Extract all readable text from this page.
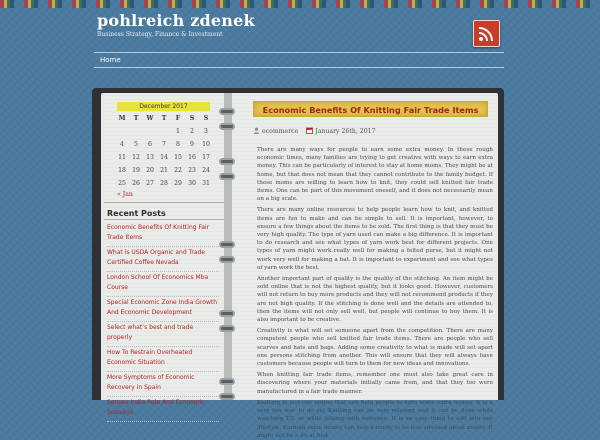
pohlreich zdenek
Business Strategy, Finance & Investment
Home
December 2017
M	T	W	T	F	S	S
				1	2	3
4	5	6	7	8	9	10
11	12	13	14	15	16	17
18	19	20	21	22	23	24
25	26	27	28	29	30	31
« Jan
Recent Posts
Economic Benefits Of Knitting Fair Trade Items
What is USDA Organic and Trade Certified Coffee Nevada
London School Of Economics Mba Course
Special Economic Zone India Growth And Economic Development
Select what’s best and trade properly
How To Restrain Overheated Economic Situation
More Symptoms of Economic Recovery in Spain
Sensex India Role And Economic Scenario
Economic Benefits Of Knitting Fair Trade Items
ecommerce	January 26th, 2017

There are many ways for people to earn some extra money. In these rough economic times, many families are trying to get creative with ways to earn extra money. This can be particularly of interest to stay at home moms. They might be at home, but that does not mean that they cannot contribute to the family budget. If these moms are willing to learn how to knit, they could sell knitted fair trade items. One can be part of this movement oneself, and it does not necessarily mean on a big scale.

There are many online resources to help people learn how to knit, and knitted items are fun to make and can be simple to sell. It is important, however, to ensure a few things about the items to be sold. The first thing is that they must be very high quality. The type of yarn used can make a big difference. It is important to do research and see what types of yarn work best for different projects. One types of yarn might work really well for making a felted purse, but it might not work very well for making a hat. It is important to experiment and see what types of yarn work the best.

Another important part of quality is the quality of the stitching. An item might be sold online that is not the highest quality, but it looks good. However, customers will not return to buy more products and they will not recommend products if they are not high quality. If the stitching is done well and the details are attended to, then the items will not only sell well, but people will continue to buy them. It is also important to be creative.

Creativity is what will set someone apart from the competition. There are many competent people who sell knitted fair trade items. There are people who sell scarves and hats and bags. Adding some creativity to what is made will set apart one persons stitching from another. This will ensure that they will always have customers because people will turn to them for new ideas and innovations.

When knitting fair trade items, remember one must also take great care in discovering where your materials initially came from, and that they too were manufactured in a fair trade manner.

Knitting is just one option that can help people to earn some extra money. It is a very fun way to do so! Knitting can be very relaxing and it can be done while watching T.V. or while talking with someone. It is an easy thing to add into any lifestyle. Earning extra money can help a family to be less stressed about money. It might not be a lot at first
